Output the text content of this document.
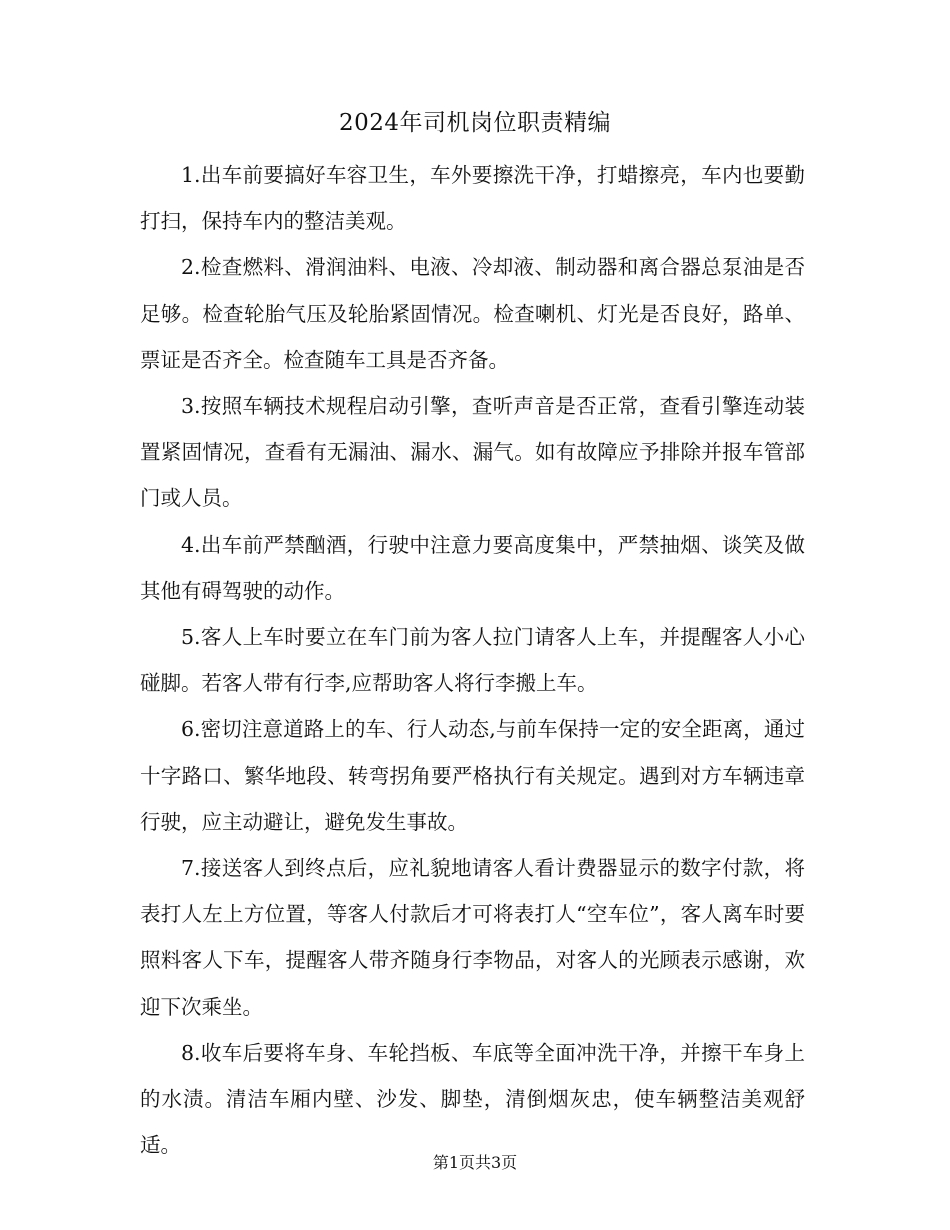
2024年司机岗位职责精编

1.出车前要搞好车容卫生，车外要擦洗干净，打蜡擦亮，车内也要勤打扫，保持车内的整洁美观。

2.检查燃料、滑润油料、电液、冷却液、制动器和离合器总泵油是否足够。检查轮胎气压及轮胎紧固情况。检查喇机、灯光是否良好，路单、票证是否齐全。检查随车工具是否齐备。

3.按照车辆技术规程启动引擎，查听声音是否正常，查看引擎连动装置紧固情况，查看有无漏油、漏水、漏气。如有故障应予排除并报车管部门或人员。

4.出车前严禁酗酒，行驶中注意力要高度集中，严禁抽烟、谈笑及做其他有碍驾驶的动作。

5.客人上车时要立在车门前为客人拉门请客人上车，并提醒客人小心碰脚。若客人带有行李,应帮助客人将行李搬上车。

6.密切注意道路上的车、行人动态,与前车保持一定的安全距离，通过十字路口、繁华地段、转弯拐角要严格执行有关规定。遇到对方车辆违章行驶，应主动避让，避免发生事故。

7.接送客人到终点后，应礼貌地请客人看计费器显示的数字付款，将表打人左上方位置，等客人付款后才可将表打人“空车位”，客人离车时要照料客人下车，提醒客人带齐随身行李物品，对客人的光顾表示感谢，欢迎下次乘坐。

8.收车后要将车身、车轮挡板、车底等全面冲洗干净，并擦干车身上的水渍。清洁车厢内壁、沙发、脚垫，清倒烟灰忠，使车辆整洁美观舒适。

第1页共3页
